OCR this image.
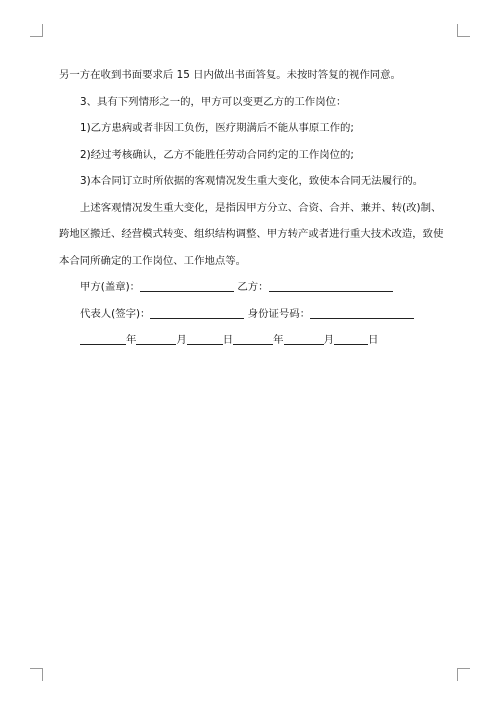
另一方在收到书面要求后 15 日内做出书面答复。未按时答复的视作同意。

3、具有下列情形之一的，甲方可以变更乙方的工作岗位：

1)乙方患病或者非因工负伤，医疗期满后不能从事原工作的;

2)经过考核确认，乙方不能胜任劳动合同约定的工作岗位的;

3)本合同订立时所依据的客观情况发生重大变化，致使本合同无法履行的。

上述客观情况发生重大变化，是指因甲方分立、合资、合并、兼并、转(改)制、跨地区搬迁、经营模式转变、组织结构调整、甲方转产或者进行重大技术改造，致使本合同所确定的工作岗位、工作地点等。

甲方(盖章)：	乙方：
代表人(签字)：	身份证号码：
年	月	日	年	月	日
